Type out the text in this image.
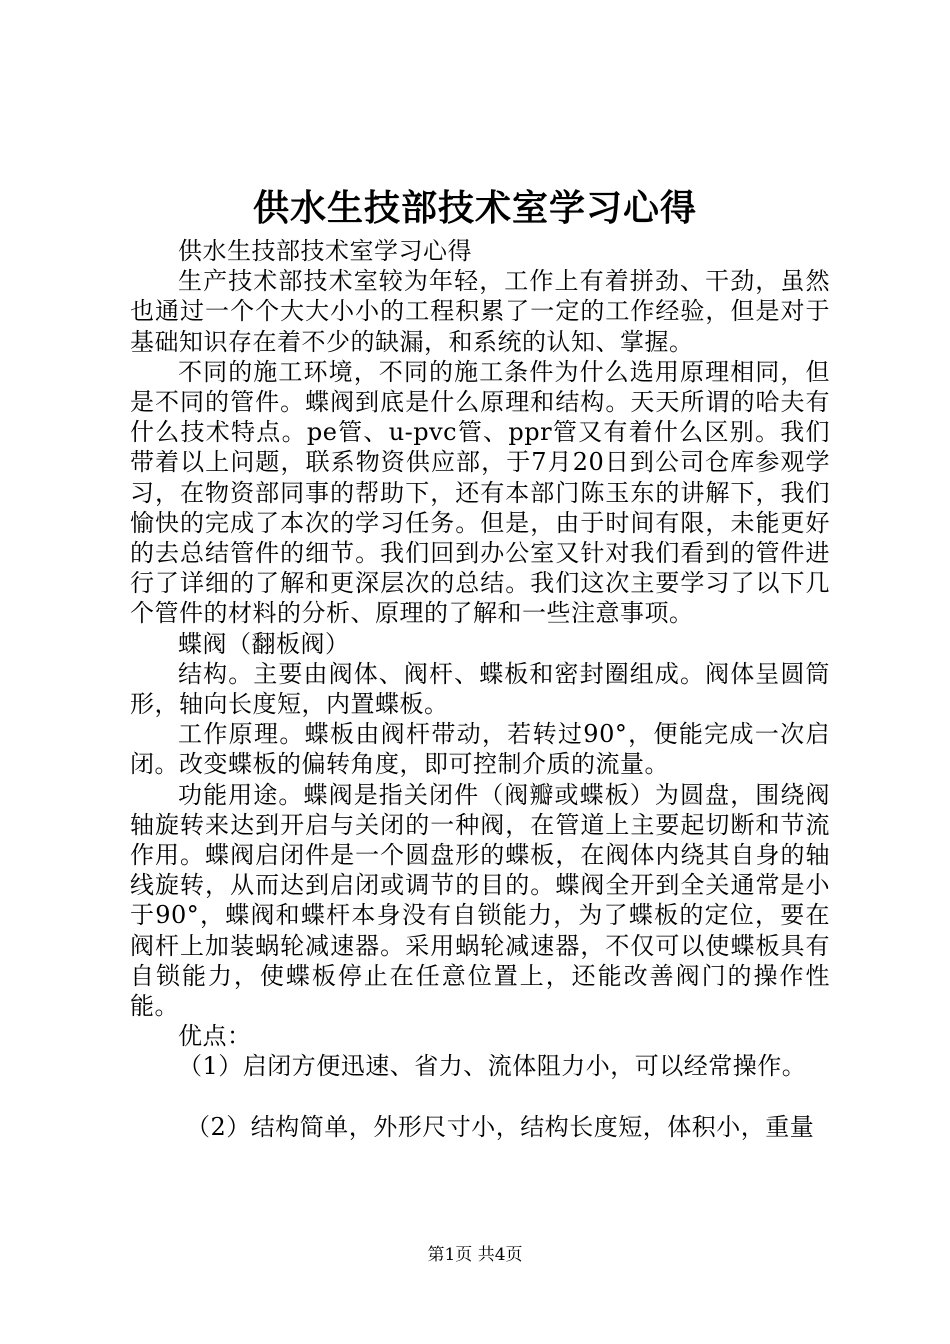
供水生技部技术室学习心得

供水生技部技术室学习心得

生产技术部技术室较为年轻，工作上有着拼劲、干劲，虽然也通过一个个大大小小的工程积累了一定的工作经验，但是对于基础知识存在着不少的缺漏，和系统的认知、掌握。

不同的施工环境，不同的施工条件为什么选用原理相同，但是不同的管件。蝶阀到底是什么原理和结构。天天所谓的哈夫有什么技术特点。pe管、u-pvc管、ppr管又有着什么区别。我们带着以上问题，联系物资供应部，于7月20日到公司仓库参观学习，在物资部同事的帮助下，还有本部门陈玉东的讲解下，我们愉快的完成了本次的学习任务。但是，由于时间有限，未能更好的去总结管件的细节。我们回到办公室又针对我们看到的管件进行了详细的了解和更深层次的总结。我们这次主要学习了以下几个管件的材料的分析、原理的了解和一些注意事项。

蝶阀（翻板阀）

结构。主要由阀体、阀杆、蝶板和密封圈组成。阀体呈圆筒形，轴向长度短，内置蝶板。

工作原理。蝶板由阀杆带动，若转过90°，便能完成一次启闭。改变蝶板的偏转角度，即可控制介质的流量。

功能用途。蝶阀是指关闭件（阀瓣或蝶板）为圆盘，围绕阀轴旋转来达到开启与关闭的一种阀，在管道上主要起切断和节流作用。蝶阀启闭件是一个圆盘形的蝶板，在阀体内绕其自身的轴线旋转，从而达到启闭或调节的目的。蝶阀全开到全关通常是小于90°，蝶阀和蝶杆本身没有自锁能力，为了蝶板的定位，要在阀杆上加装蜗轮减速器。采用蜗轮减速器，不仅可以使蝶板具有自锁能力，使蝶板停止在任意位置上，还能改善阀门的操作性能。

优点：

（1）启闭方便迅速、省力、流体阻力小，可以经常操作。

（2）结构简单，外形尺寸小，结构长度短，体积小，重量

第1页 共4页
